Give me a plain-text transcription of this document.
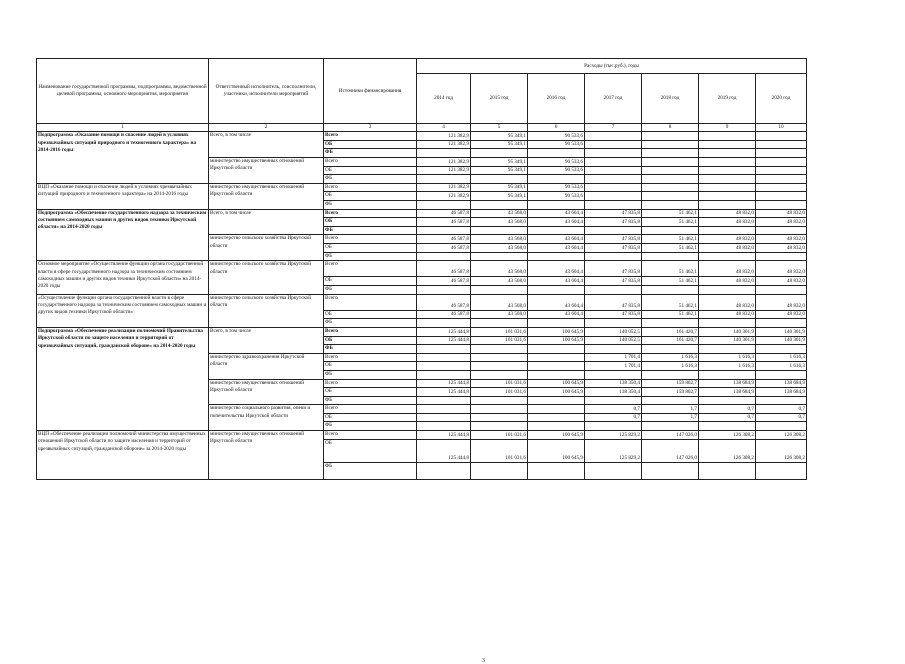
Наименование государственной программы, подпрограммы, ведомственной целевой программы, основного мероприятия, мероприятия	Ответственный исполнитель, соисполнители, участники, исполнители мероприятий	Источники финансирования	Расходы (тыс.руб.), годы						
			2014 год	2015 год	2016 год	2017 год	2018 год	2019 год	2020 год
1	2	3	4	5	6	7	8	9	10
Подпрограмма «Оказание помощи и спасение людей в условиях чрезвычайных ситуаций природного и техногенного характера» на 2014-2016 годы	Всего, в том числе	Всего	121 382,9	95 349,1	90 533,6				
		ОБ	121 382,9	95 349,1	90 533,6				
		ФБ							
	министерство имущественных отношений Иркутской области	Всего	121 382,9	95 349,1	90 533,6				
		ОБ	121 382,9	95 349,1	90 533,6				
		ФБ							
ВЦП «Оказание помощи и спасение людей в условиях чрезвычайных ситуаций природного и техногенного характера» на 2014-2016 годы	министерство имущественных отношений Иркутской области	Всего	121 382,9	95 349,1	90 533,6				
		ОБ	121 382,9	95 349,1	90 533,6				
		ФБ							
Подпрограмма «Обеспечение государственного надзора за техническим состоянием самоходных машин и других видов техники Иркутской области» на 2014-2020 годы	Всего, в том числе	Всего	46 587,8	43 568,0	43 604,4	47 835,8	51 462,1	48 832,0	48 832,0
		ОБ	46 587,8	43 568,0	43 604,4	47 835,8	51 462,1	48 832,0	48 832,0
		ФБ							
	министерство сельского хозяйства Иркутской области	Всего	46 587,8	43 568,0	43 604,4	47 835,8	51 462,1	48 832,0	48 832,0
		ОБ	46 587,8	43 568,0	43 604,4	47 835,8	51 462,1	48 832,0	48 832,0
		ФБ							
Основное мероприятие «Осуществление функции органа государственной власти в сфере государственного надзора за техническим состоянием самоходных машин и других видов техники Иркутской области» на 2014-2020 годы	министерство сельского хозяйства Иркутской области	Всего	46 587,8	43 568,0	43 604,4	47 835,8	51 462,1	48 832,0	48 832,0
		ОБ	46 587,8	43 568,0	43 604,4	47 835,8	51 462,1	48 832,0	48 832,0
		ФБ							
«Осуществление функции органа государственной власти в сфере государственного надзора за техническим состоянием самоходных машин и других видов техники Иркутской области»	министерство сельского хозяйства Иркутской области	Всего	46 587,8	43 568,0	43 604,4	47 835,8	51 462,1	48 832,0	48 832,0
		ОБ	46 587,8	43 568,0	43 604,4	47 835,8	51 462,1	48 832,0	48 832,0
		ФБ							
Подпрограмма «Обеспечение реализации полномочий Правительства Иркутской области по защите населения и территорий от чрезвычайных ситуаций, гражданской обороне» на 2014-2020 годы	Всего, в том числе	Всего	125 444,8	101 031,6	100 645,9	140 052,5	161 420,7	140 301,9	140 301,9
		ОБ	125 444,8	101 031,6	100 645,9	140 052,5	161 420,7	140 301,9	140 301,9
		ФБ							
	министерство здравоохранения Иркутской области	Всего				1 701,4	1 616,3	1 616,3	1 616,3
		ОБ				1 701,4	1 616,3	1 616,3	1 616,3
		ФБ							
	министерство имущественных отношений Иркутской области	Всего	125 444,8	101 031,6	100 645,9	138 350,4	159 802,7	138 684,9	138 684,9
		ОБ	125 444,8	101 031,6	100 645,9	138 350,4	159 802,7	138 684,9	138 684,9
		ФБ							
	министерство социального развития, опеки и попечительства Иркутской области	Всего				0,7	1,7	0,7	0,7
		ОБ				0,7	1,7	0,7	0,7
		ФБ							
ВЦП «Обеспечение реализации полномочий министерства имущественных отношений Иркутской области по защите населения и территорий от чрезвычайных ситуаций, гражданской обороне» за 2014-2020 годы	министерство имущественных отношений Иркутской области	Всего	125 444,8	101 031,6	100 645,9	125 829,2	147 026,0	126 308,2	126 308,2
		ОБ	125 444,8	101 031,6	100 645,9	125 829,2	147 026,0	126 308,2	126 308,2
		ФБ							
3
